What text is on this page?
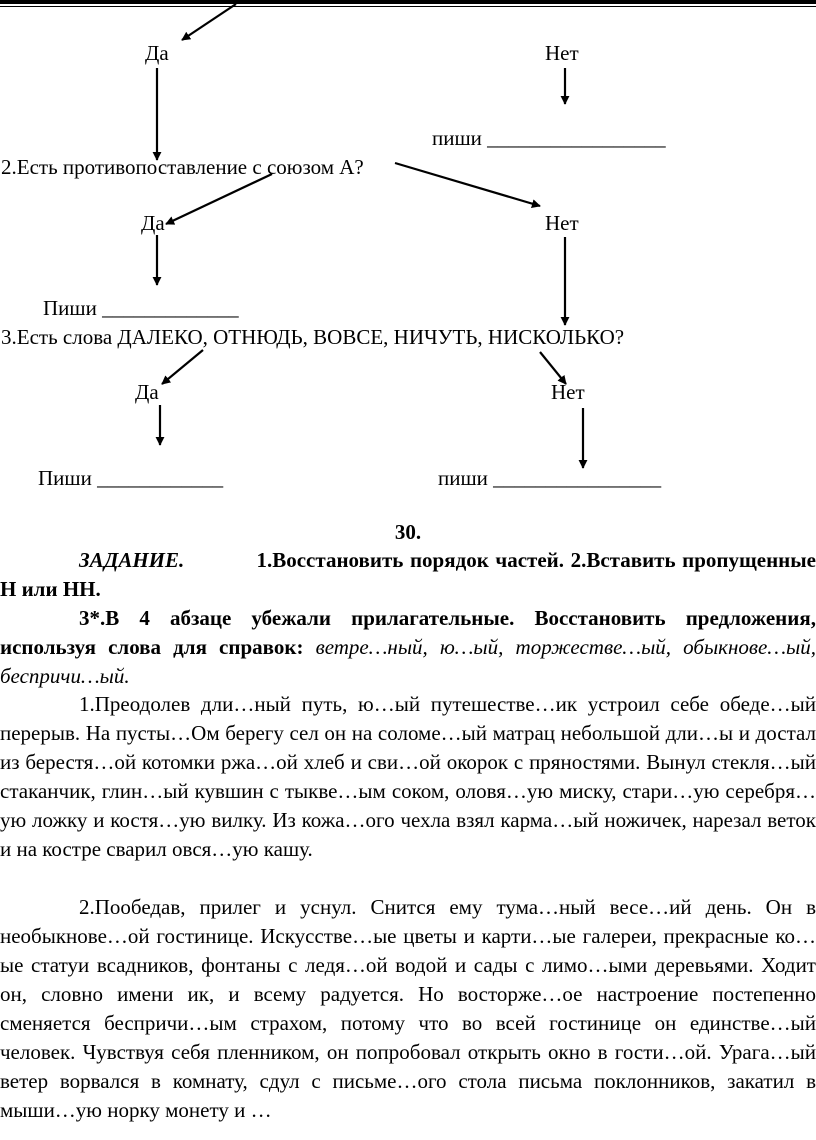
Да	Нет
пиши _________________
2.Есть противопоставление с союзом А?
Да	Нет
Пиши _____________
3.Есть слова ДАЛЕКО, ОТНЮДЬ, ВОВСЕ, НИЧУТЬ, НИСКОЛЬКО?
Да	Нет
Пиши ____________	пиши ________________
30.

ЗАДАНИЕ.	1.Восстановить порядок частей. 2.Вставить пропущенные Н или НН.

3*.В 4 абзаце убежали прилагательные. Восстановить предложения, используя слова для справок: ветре…ный, ю…ый, торжестве…ый, обыкнове…ый, беспричи…ый.

1.Преодолев дли…ный путь, ю…ый путешестве…ик устроил себе обеде…ый перерыв. На пусты…Ом берегу сел он на соломе…ый матрац небольшой дли…ы и достал из берестя…ой котомки ржа…ой хлеб и сви…ой окорок с пряностями. Вынул стекля…ый стаканчик, глин…ый кувшин с тыкве…ым соком, оловя…ую миску, стари…ую серебря…ую ложку и костя…ую вилку. Из кожа…ого чехла взял карма…ый ножичек, нарезал веток и на костре сварил овся…ую кашу.

2.Пообедав, прилег и уснул. Снится ему тума…ный весе…ий день. Он в необыкнове…ой гостинице. Искусстве…ые цветы и карти…ые галереи, прекрасные ко…ые статуи всадников, фонтаны с ледя…ой водой и сады с лимо…ыми деревьями. Ходит он, словно имени ик, и всему радуется. Но восторже…ое настроение постепенно сменяется беспричи…ым страхом, потому что во всей гостинице он единстве…ый человек. Чувствуя себя пленником, он попробовал открыть окно в гости…ой. Урага…ый ветер ворвался в комнату, сдул с письме…ого стола письма поклонников, закатил в мыши…ую норку монету и …
